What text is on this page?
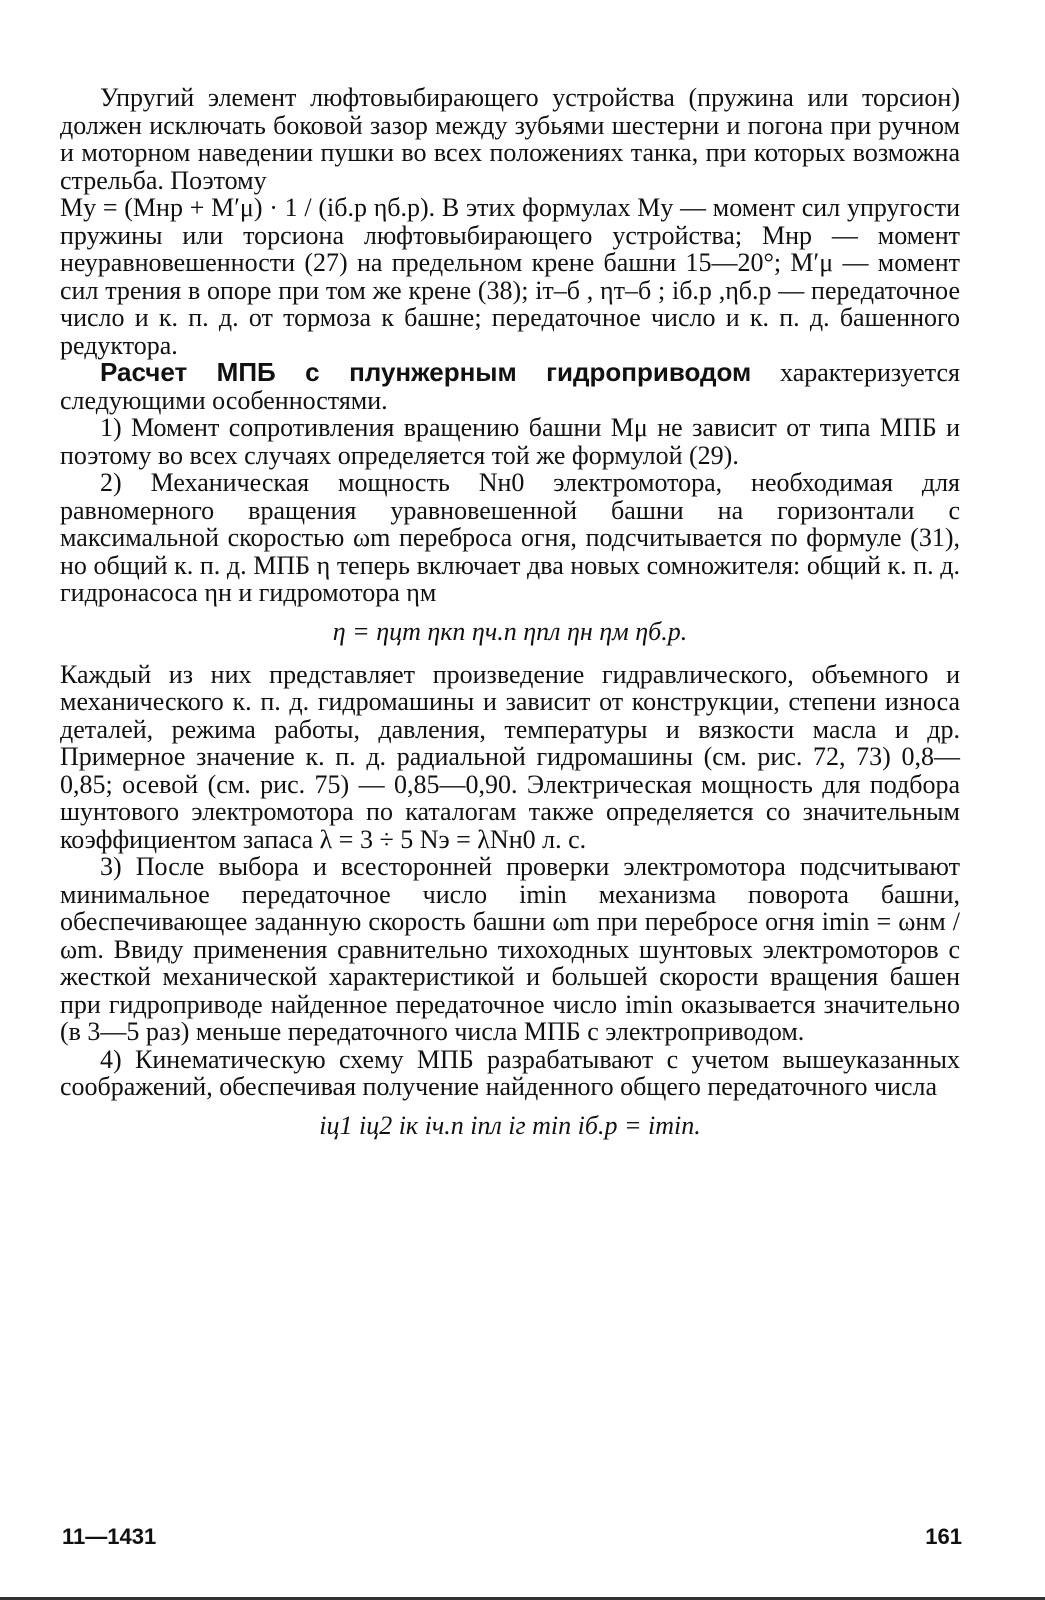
Упругий элемент люфтовыбирающего устройства (пружина или торсион) должен исключать боковой зазор между зубьями шестерни и погона при ручном и моторном наведении пушки во всех положениях танка, при которых возможна стрельба. Поэтому

Mу = (Mнр + M′μ) · 1 / (iб.р ηб.р). В этих формулах Mу — момент сил упругости пружины или торсиона люфтовыбирающего устройства; Mнр — момент неуравновешенности (27) на предельном крене башни 15—20°; M′μ — момент сил трения в опоре при том же крене (38); iт–б , ηт–б ; iб.р ,ηб.р — передаточное число и к. п. д. от тормоза к башне; передаточное число и к. п. д. башенного редуктора.

Расчет МПБ с плунжерным гидроприводом характеризуется следующими особенностями.

1) Момент сопротивления вращению башни Mμ не зависит от типа МПБ и поэтому во всех случаях определяется той же формулой (29).

2) Механическая мощность Nн0 электромотора, необходимая для равномерного вращения уравновешенной башни на горизонтали с максимальной скоростью ωm переброса огня, подсчитывается по формуле (31), но общий к. п. д. МПБ η теперь включает два новых сомножителя: общий к. п. д. гидронасоса ηн и гидромотора ηм

η = ηцm ηкn ηч.п ηпл ηн ηм ηб.р.

Каждый из них представляет произведение гидравлического, объемного и механического к. п. д. гидромашины и зависит от конструкции, степени износа деталей, режима работы, давления, температуры и вязкости масла и др. Примерное значение к. п. д. радиальной гидромашины (см. рис. 72, 73) 0,8—0,85; осевой (см. рис. 75) — 0,85—0,90. Электрическая мощность для подбора шунтового электромотора по каталогам также определяется со значительным коэффициентом запаса λ = 3 ÷ 5 Nэ = λNн0 л. с.

3) После выбора и всесторонней проверки электромотора подсчитывают минимальное передаточное число imin механизма поворота башни, обеспечивающее заданную скорость башни ωm при перебросе огня imin = ωнм / ωm. Ввиду применения сравнительно тихоходных шунтовых электромоторов с жесткой механической характеристикой и большей скорости вращения башен при гидроприводе найденное передаточное число imin оказывается значительно (в 3—5 раз) меньше передаточного числа МПБ с электроприводом.

4) Кинематическую схему МПБ разрабатывают с учетом вышеуказанных соображений, обеспечивая получение найденного общего передаточного числа

iц1 iц2 iк iч.п iпл iг min iб.р = imin.
11—1431	161
